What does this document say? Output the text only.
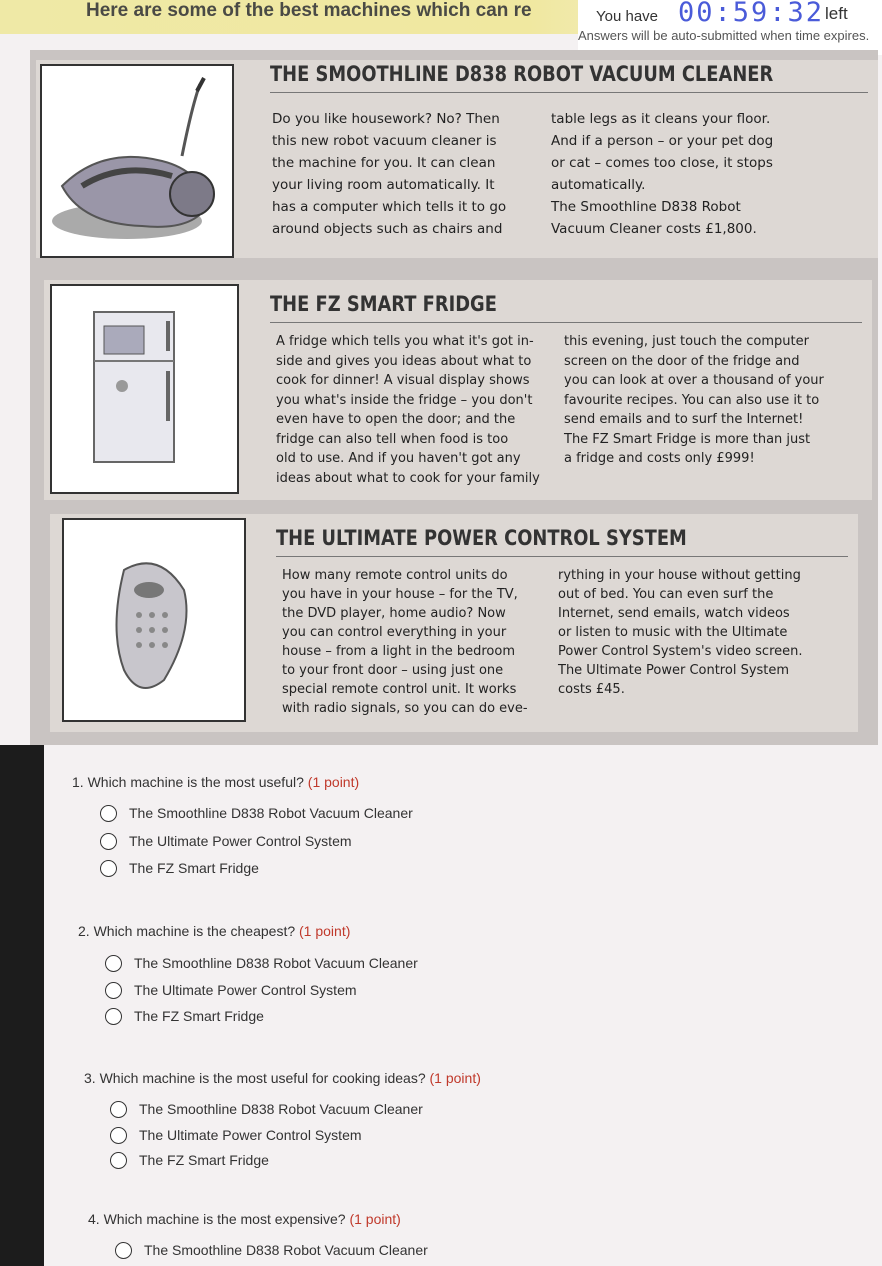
Here are some of the best machines which can re	You have 00:59:32 left
Answers will be auto-submitted when time expires.
THE SMOOTHLINE D838 ROBOT VACUUM CLEANER
Do you like housework? No? Then
this new robot vacuum cleaner is
the machine for you. It can clean
your living room automatically. It
has a computer which tells it to go
around objects such as chairs and
table legs as it cleans your floor.
And if a person – or your pet dog
or cat – comes too close, it stops
automatically.
The Smoothline D838 Robot
Vacuum Cleaner costs £1,800.
THE FZ SMART FRIDGE
A fridge which tells you what it's got in-
side and gives you ideas about what to
cook for dinner! A visual display shows
you what's inside the fridge – you don't
even have to open the door; and the
fridge can also tell when food is too
old to use. And if you haven't got any
ideas about what to cook for your family
this evening, just touch the computer
screen on the door of the fridge and
you can look at over a thousand of your
favourite recipes. You can also use it to
send emails and to surf the Internet!
The FZ Smart Fridge is more than just
a fridge and costs only £999!
THE ULTIMATE POWER CONTROL SYSTEM
How many remote control units do
you have in your house – for the TV,
the DVD player, home audio? Now
you can control everything in your
house – from a light in the bedroom
to your front door – using just one
special remote control unit. It works
with radio signals, so you can do eve-
rything in your house without getting
out of bed. You can even surf the
Internet, send emails, watch videos
or listen to music with the Ultimate
Power Control System's video screen.
The Ultimate Power Control System
costs £45.
1. Which machine is the most useful? (1 point)
The Smoothline D838 Robot Vacuum Cleaner
The Ultimate Power Control System
The FZ Smart Fridge
2. Which machine is the cheapest? (1 point)
The Smoothline D838 Robot Vacuum Cleaner
The Ultimate Power Control System
The FZ Smart Fridge
3. Which machine is the most useful for cooking ideas? (1 point)
The Smoothline D838 Robot Vacuum Cleaner
The Ultimate Power Control System
The FZ Smart Fridge
4. Which machine is the most expensive? (1 point)
The Smoothline D838 Robot Vacuum Cleaner
